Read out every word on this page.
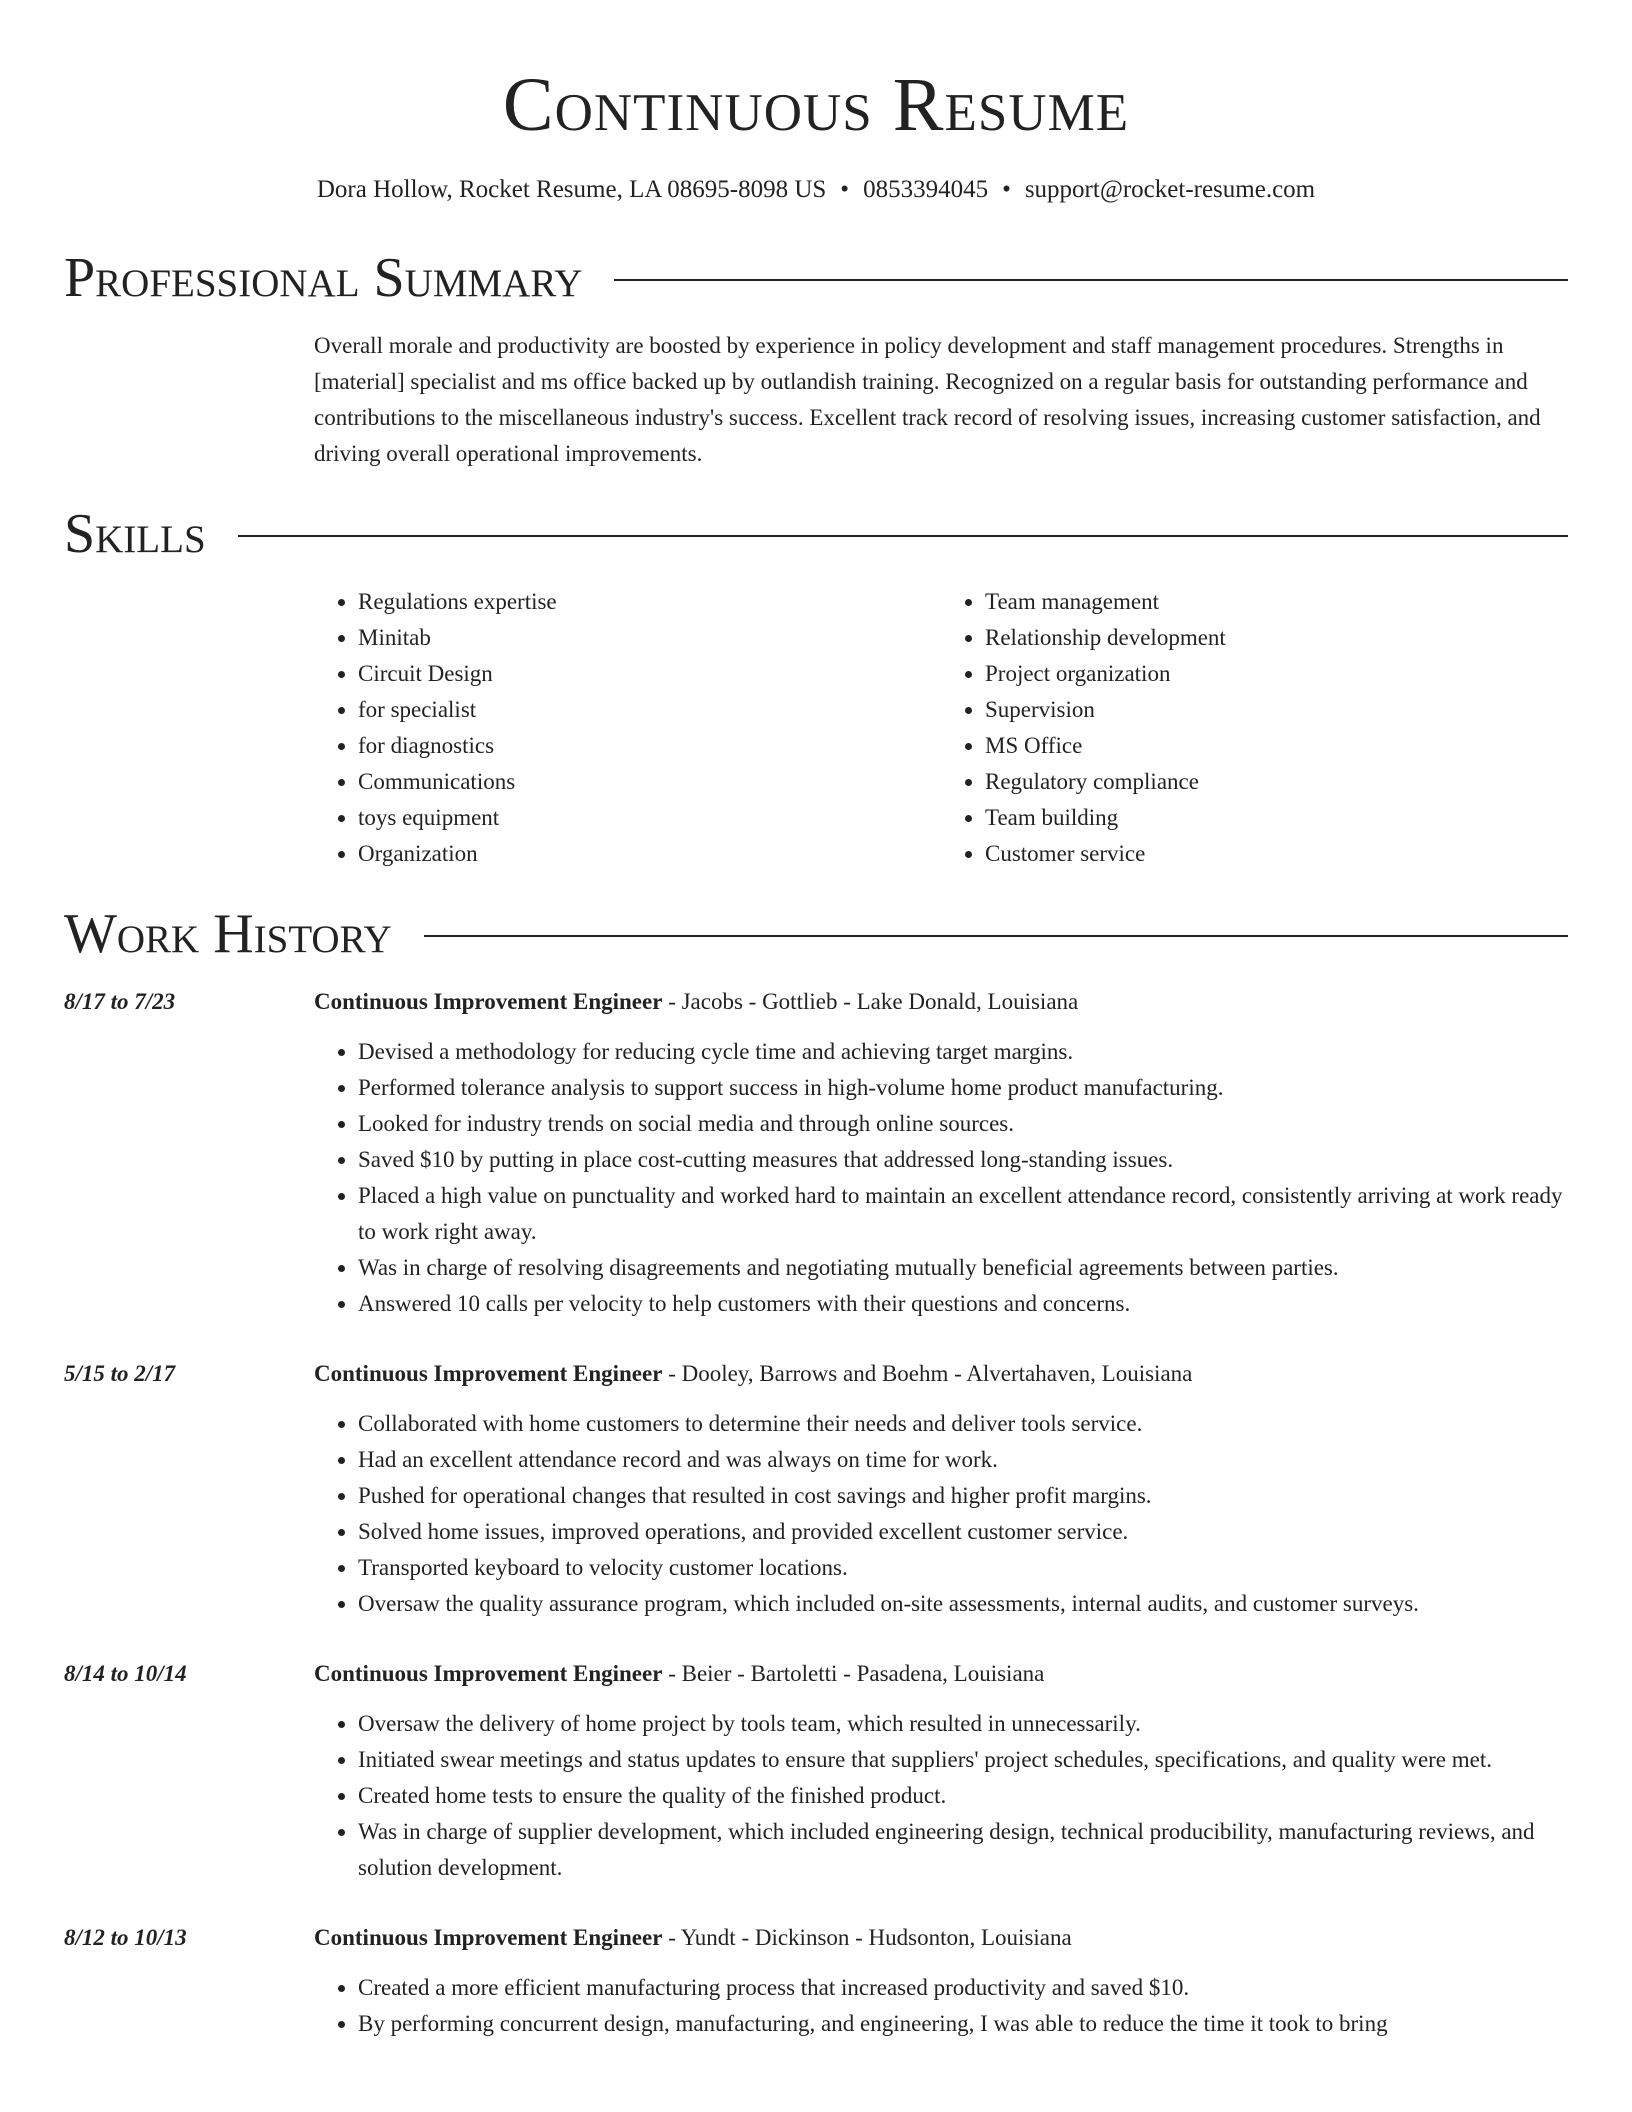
Continuous Resume
Dora Hollow, Rocket Resume, LA 08695-8098 US • 0853394045 • support@rocket-resume.com
Professional Summary

Overall morale and productivity are boosted by experience in policy development and staff management procedures. Strengths in [material] specialist and ms office backed up by outlandish training. Recognized on a regular basis for outstanding performance and contributions to the miscellaneous industry's success. Excellent track record of resolving issues, increasing customer satisfaction, and driving overall operational improvements.

Skills
• Regulations expertise
• Minitab
• Circuit Design
• for specialist
• for diagnostics
• Communications
• toys equipment
• Organization
• Team management
• Relationship development
• Project organization
• Supervision
• MS Office
• Regulatory compliance
• Team building
• Customer service
Work History
8/17 to 7/23	Continuous Improvement Engineer - Jacobs - Gottlieb - Lake Donald, Louisiana
• Devised a methodology for reducing cycle time and achieving target margins.
• Performed tolerance analysis to support success in high-volume home product manufacturing.
• Looked for industry trends on social media and through online sources.
• Saved $10 by putting in place cost-cutting measures that addressed long-standing issues.
• Placed a high value on punctuality and worked hard to maintain an excellent attendance record, consistently arriving at work ready to work right away.
• Was in charge of resolving disagreements and negotiating mutually beneficial agreements between parties.
• Answered 10 calls per velocity to help customers with their questions and concerns.
5/15 to 2/17	Continuous Improvement Engineer - Dooley, Barrows and Boehm - Alvertahaven, Louisiana
• Collaborated with home customers to determine their needs and deliver tools service.
• Had an excellent attendance record and was always on time for work.
• Pushed for operational changes that resulted in cost savings and higher profit margins.
• Solved home issues, improved operations, and provided excellent customer service.
• Transported keyboard to velocity customer locations.
• Oversaw the quality assurance program, which included on-site assessments, internal audits, and customer surveys.
8/14 to 10/14	Continuous Improvement Engineer - Beier - Bartoletti - Pasadena, Louisiana
• Oversaw the delivery of home project by tools team, which resulted in unnecessarily.
• Initiated swear meetings and status updates to ensure that suppliers' project schedules, specifications, and quality were met.
• Created home tests to ensure the quality of the finished product.
• Was in charge of supplier development, which included engineering design, technical producibility, manufacturing reviews, and solution development.
8/12 to 10/13	Continuous Improvement Engineer - Yundt - Dickinson - Hudsonton, Louisiana
• Created a more efficient manufacturing process that increased productivity and saved $10.
• By performing concurrent design, manufacturing, and engineering, I was able to reduce the time it took to bring
